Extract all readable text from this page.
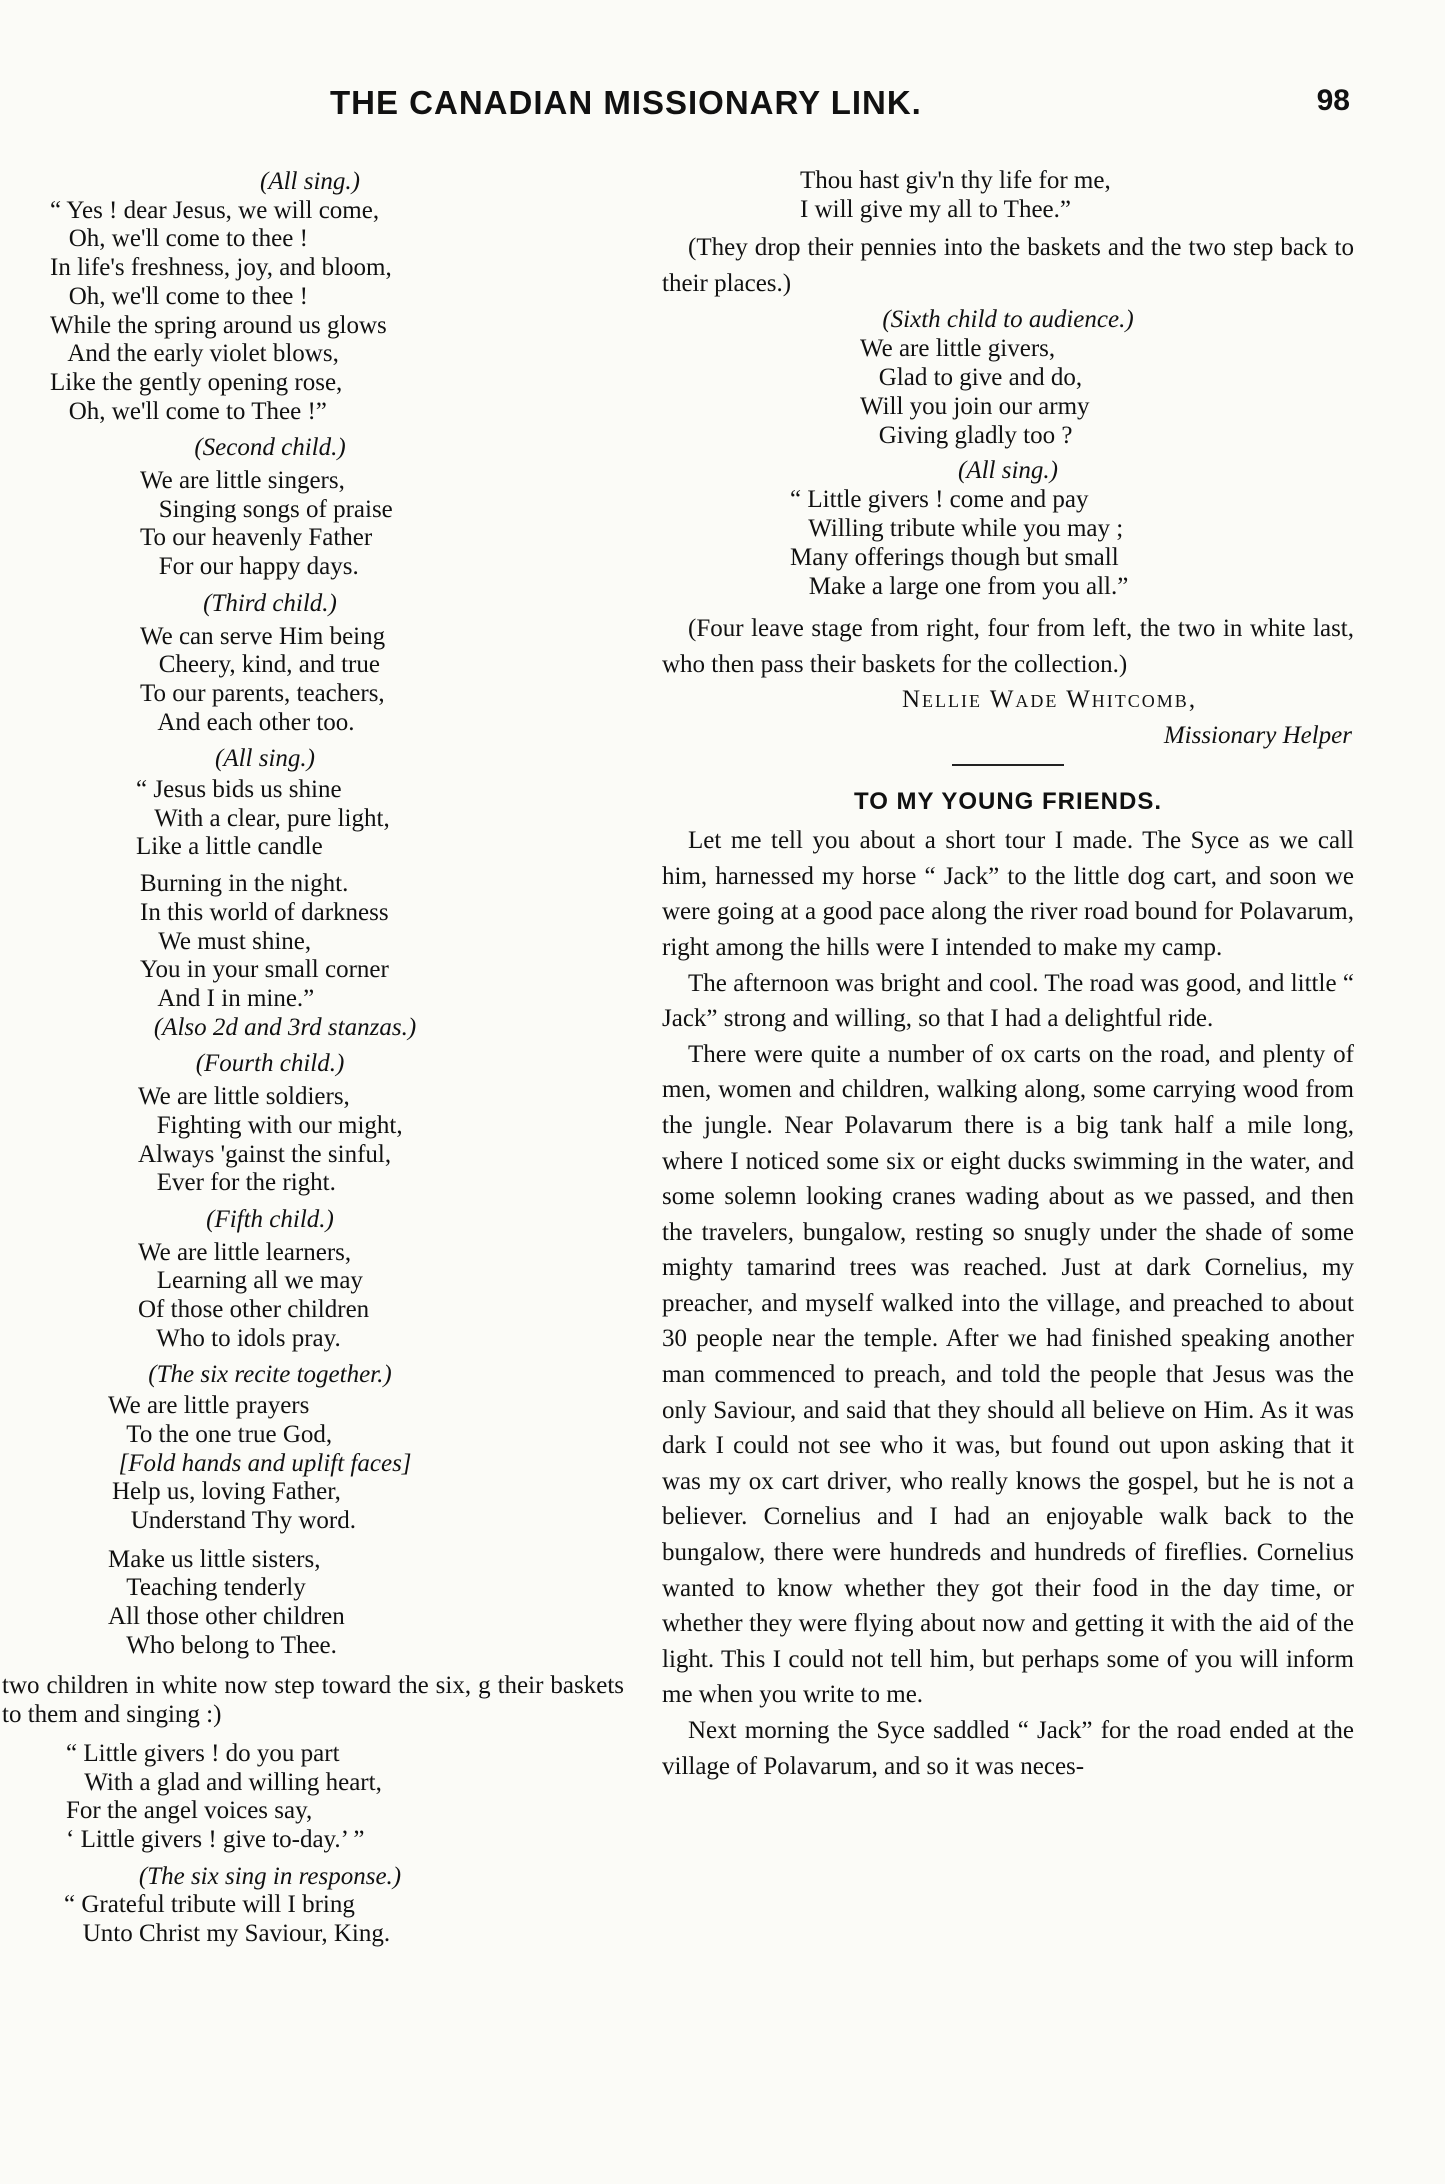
THE CANADIAN MISSIONARY LINK.	98

(All sing.)

“ Yes ! dear Jesus, we will come,
Oh, we'll come to thee !
In life's freshness, joy, and bloom,
Oh, we'll come to thee !
While the spring around us glows
And the early violet blows,
Like the gently opening rose,
Oh, we'll come to Thee !”

(Second child.)

We are little singers,
Singing songs of praise
To our heavenly Father
For our happy days.

(Third child.)

We can serve Him being
Cheery, kind, and true
To our parents, teachers,
And each other too.

(All sing.)

“ Jesus bids us shine
With a clear, pure light,
Like a little candle
Burning in the night.
In this world of darkness
We must shine,
You in your small corner
And I in mine.”

(Also 2d and 3rd stanzas.)

(Fourth child.)

We are little soldiers,
Fighting with our might,
Always 'gainst the sinful,
Ever for the right.

(Fifth child.)

We are little learners,
Learning all we may
Of those other children
Who to idols pray.

(The six recite together.)

We are little prayers
To the one true God,

[Fold hands and uplift faces]

Help us, loving Father,
Understand Thy word.
Make us little sisters,
Teaching tenderly
All those other children
Who belong to Thee.

two children in white now step toward the six, g their baskets to them and singing :)

“ Little givers ! do you part
With a glad and willing heart,
For the angel voices say,
‘ Little givers ! give to-day.’ ”

(The six sing in response.)

“ Grateful tribute will I bring
Unto Christ my Saviour, King.
Thou hast giv'n thy life for me,
I will give my all to Thee.”

(They drop their pennies into the baskets and the two step back to their places.)

(Sixth child to audience.)

We are little givers,
Glad to give and do,
Will you join our army
Giving gladly too ?

(All sing.)

“ Little givers ! come and pay
Willing tribute while you may ;
Many offerings though but small
Make a large one from you all.”

(Four leave stage from right, four from left, the two in white last, who then pass their baskets for the collection.)

Nellie Wade Whitcomb,
Missionary Helper

TO MY YOUNG FRIENDS.

Let me tell you about a short tour I made. The Syce as we call him, harnessed my horse “ Jack” to the little dog cart, and soon we were going at a good pace along the river road bound for Polavarum, right among the hills were I intended to make my camp.

The afternoon was bright and cool. The road was good, and little “ Jack” strong and willing, so that I had a delightful ride.

There were quite a number of ox carts on the road, and plenty of men, women and children, walking along, some carrying wood from the jungle. Near Polavarum there is a big tank half a mile long, where I noticed some six or eight ducks swimming in the water, and some solemn looking cranes wading about as we passed, and then the travelers, bungalow, resting so snugly under the shade of some mighty tamarind trees was reached. Just at dark Cornelius, my preacher, and myself walked into the village, and preached to about 30 people near the temple. After we had finished speaking another man commenced to preach, and told the people that Jesus was the only Saviour, and said that they should all believe on Him. As it was dark I could not see who it was, but found out upon asking that it was my ox cart driver, who really knows the gospel, but he is not a believer. Cornelius and I had an enjoyable walk back to the bungalow, there were hundreds and hundreds of fireflies. Cornelius wanted to know whether they got their food in the day time, or whether they were flying about now and getting it with the aid of the light. This I could not tell him, but perhaps some of you will inform me when you write to me.

Next morning the Syce saddled “ Jack” for the road ended at the village of Polavarum, and so it was neces-
